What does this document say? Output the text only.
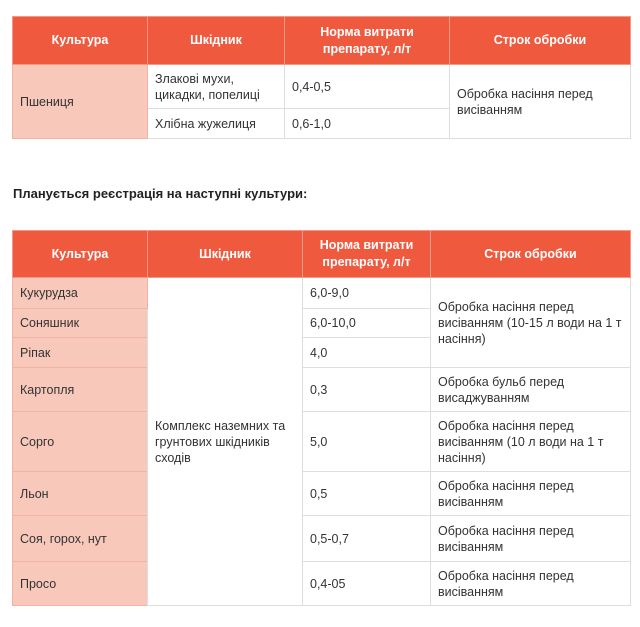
Культура	Шкідник	Норма витрати препарату, л/т	Строк обробки
Пшениця	Злакові мухи, цикадки, попелиці	0,4-0,5	Обробка насіння перед висіванням
	Хлібна жужелиця	0,6-1,0	

Планується реєстрація на наступні культури:

Культура	Шкідник	Норма витрати препарату, л/т	Строк обробки
Кукурудза	Комплекс наземних та грунтових шкідників сходів	6,0-9,0	Обробка насіння перед висіванням (10-15 л води на 1 т насіння)
Соняшник		6,0-10,0	
Ріпак		4,0	
Картопля		0,3	Обробка бульб перед висаджуванням
Сорго		5,0	Обробка насіння перед висіванням (10 л води на 1 т насіння)
Льон		0,5	Обробка насіння перед висіванням
Соя, горох, нут		0,5-0,7	Обробка насіння перед висіванням
Просо		0,4-05	Обробка насіння перед висіванням
